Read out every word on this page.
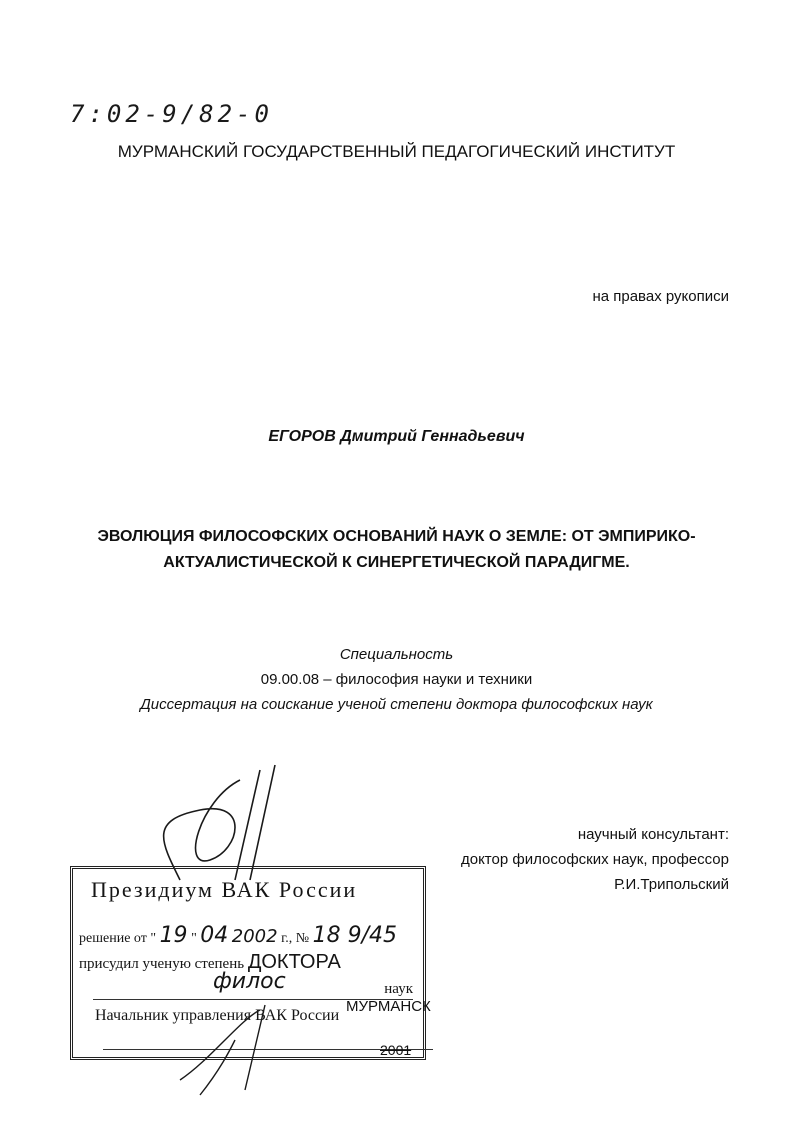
7:02-9/82-0
МУРМАНСКИЙ ГОСУДАРСТВЕННЫЙ ПЕДАГОГИЧЕСКИЙ ИНСТИТУТ
на правах рукописи
ЕГОРОВ Дмитрий Геннадьевич
ЭВОЛЮЦИЯ ФИЛОСОФСКИХ ОСНОВАНИЙ НАУК О ЗЕМЛЕ: ОТ ЭМПИРИКО-
АКТУАЛИСТИЧЕСКОЙ К СИНЕРГЕТИЧЕСКОЙ ПАРАДИГМЕ.
Специальность
09.00.08 – философия науки и техники
Диссертация на соискание ученой степени доктора философских наук
научный консультант:
доктор философских наук, профессор
Р.И.Трипольский
Президиум ВАК России
решение от " 19 " 04 2002 г., № 18 9/45
присудил ученую степень ДОКТОРА
филос	наук
Начальник управления ВАК России
МУРМАНСК
2001
